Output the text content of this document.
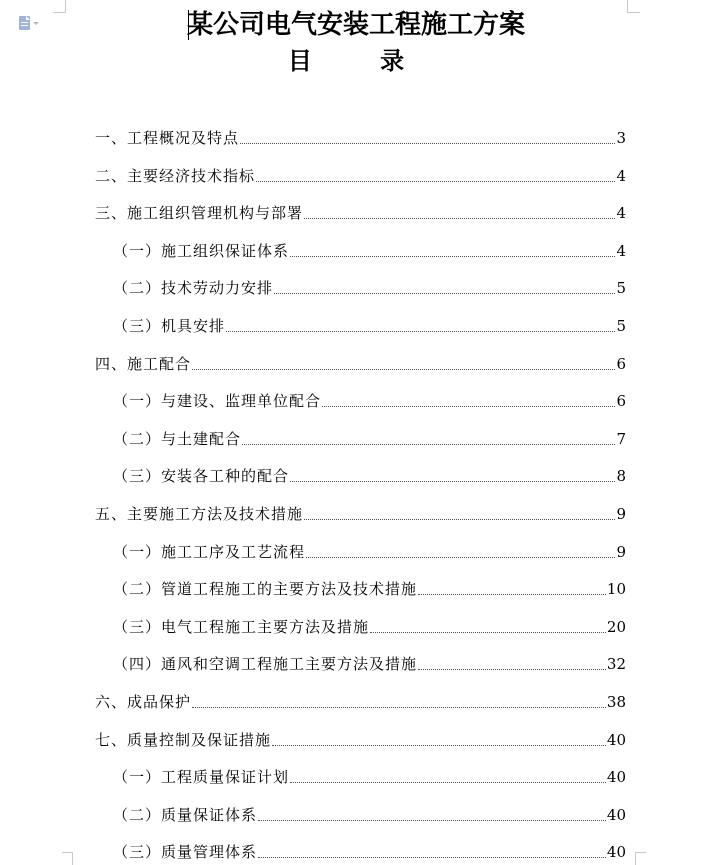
某公司电气安装工程施工方案
目 录
一、工程概况及特点	3
二、主要经济技术指标	4
三、施工组织管理机构与部署	4
（一）施工组织保证体系	4
（二）技术劳动力安排	5
（三）机具安排	5
四、施工配合	6
（一）与建设、监理单位配合	6
（二）与土建配合	7
（三）安装各工种的配合	8
五、主要施工方法及技术措施	9
（一）施工工序及工艺流程	9
（二）管道工程施工的主要方法及技术措施	10
（三）电气工程施工主要方法及措施	20
（四）通风和空调工程施工主要方法及措施	32
六、成品保护	38
七、质量控制及保证措施	40
（一）工程质量保证计划	40
（二）质量保证体系	40
（三）质量管理体系	40
